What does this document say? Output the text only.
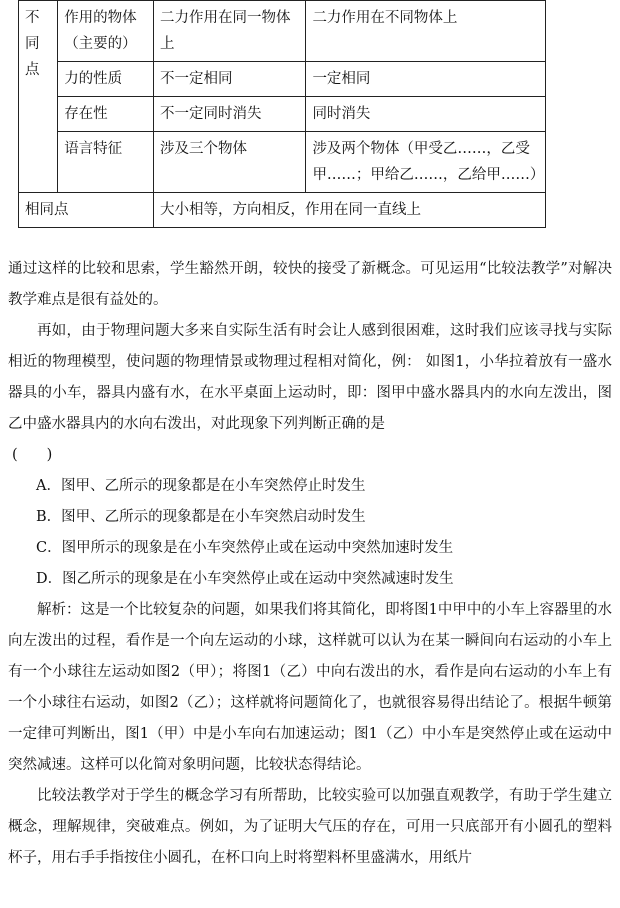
不同点	作用的物体（主要的）	二力作用在同一物体上	二力作用在不同物体上
	力的性质	不一定相同	一定相同
	存在性	不一定同时消失	同时消失
	语言特征	涉及三个物体	涉及两个物体（甲受乙……，乙受甲……；甲给乙……，乙给甲……）
相同点		大小相等，方向相反，作用在同一直线上	

通过这样的比较和思索，学生豁然开朗，较快的接受了新概念。可见运用“比较法教学”对解决教学难点是很有益处的。

再如，由于物理问题大多来自实际生活有时会让人感到很困难，这时我们应该寻找与实际相近的物理模型，使问题的物理情景或物理过程相对简化，例： 如图1，小华拉着放有一盛水器具的小车，器具内盛有水，在水平桌面上运动时，即：图甲中盛水器具内的水向左泼出，图乙中盛水器具内的水向右泼出，对此现象下列判断正确的是

(　　)

A．图甲、乙所示的现象都是在小车突然停止时发生

B．图甲、乙所示的现象都是在小车突然启动时发生

C．图甲所示的现象是在小车突然停止或在运动中突然加速时发生

D．图乙所示的现象是在小车突然停止或在运动中突然减速时发生

解析：这是一个比较复杂的问题，如果我们将其简化，即将图1中甲中的小车上容器里的水向左泼出的过程，看作是一个向左运动的小球，这样就可以认为在某一瞬间向右运动的小车上有一个小球往左运动如图2（甲）；将图1（乙）中向右泼出的水，看作是向右运动的小车上有一个小球往右运动，如图2（乙）；这样就将问题简化了，也就很容易得出结论了。根据牛顿第一定律可判断出，图1（甲）中是小车向右加速运动；图1（乙）中小车是突然停止或在运动中突然减速。这样可以化简对象明问题，比较状态得结论。

比较法教学对于学生的概念学习有所帮助，比较实验可以加强直观教学，有助于学生建立概念，理解规律，突破难点。例如，为了证明大气压的存在，可用一只底部开有小圆孔的塑料杯子，用右手手指按住小圆孔，在杯口向上时将塑料杯里盛满水，用纸片
